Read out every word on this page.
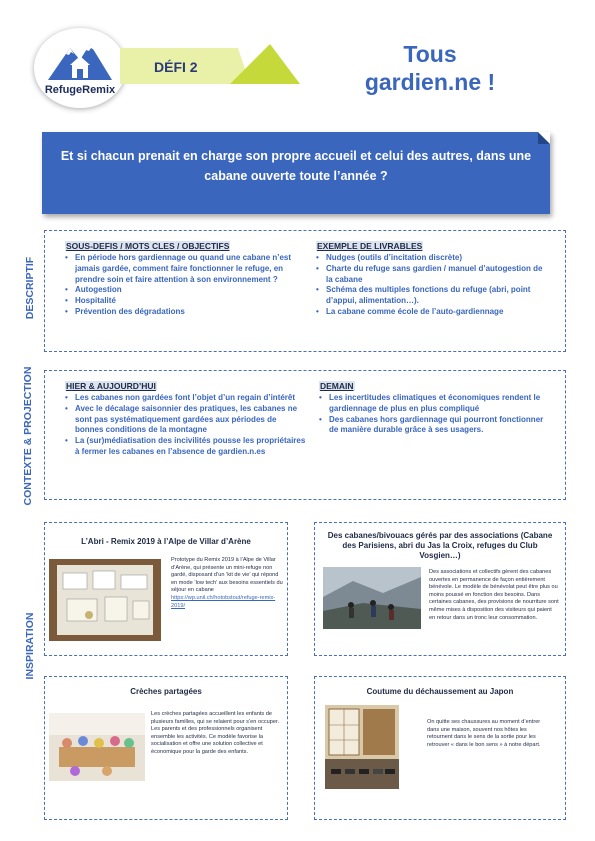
RefugeRemix
DÉFI 2	Tous
gardien.ne !
Et si chacun prenait en charge son propre accueil et celui des autres, dans une cabane ouverte toute l’année ?
DESCRIPTIF
CONTEXTE & PROJECTION
INSPIRATION
SOUS-DEFIS / MOTS CLES / OBJECTIFS
• En période hors gardiennage ou quand une cabane n’est jamais gardée, comment faire fonctionner le refuge, en prendre soin et faire attention à son environnement ?
• Autogestion
• Hospitalité
• Prévention des dégradations
EXEMPLE DE LIVRABLES
• Nudges (outils d’incitation discrète)
• Charte du refuge sans gardien / manuel d’autogestion de la cabane
• Schéma des multiples fonctions du refuge (abri, point d’appui, alimentation…).
• La cabane comme école de l’auto-gardiennage
HIER & AUJOURD’HUI
• Les cabanes non gardées font l’objet d’un regain d’intérêt
• Avec le décalage saisonnier des pratiques, les cabanes ne sont pas systématiquement gardées aux périodes de bonnes conditions de la montagne
• La (sur)médiatisation des incivilités pousse les propriétaires à fermer les cabanes en l’absence de gardien.n.es
DEMAIN
• Les incertitudes climatiques et économiques rendent le gardiennage de plus en plus compliqué
• Des cabanes hors gardiennage qui pourront fonctionner de manière durable grâce à ses usagers.
L’Abri - Remix 2019 à l’Alpe de Villar d’Arène
Prototype du Remix 2019 à l’Alpe de Villar d’Arène, qui présente un mini-refuge non gardé, disposant d’un ‘kit de vie’ qui répond en mode ‘low tech’ aux besoins essentiels du séjour en cabane
https://wp.unil.ch/hotobstout/refuge-remix-2019/
Des cabanes/bivouacs gérés par des associations (Cabane des Parisiens, abri du Jas la Croix, refuges du Club Vosgien…)
Des associations et collectifs gèrent des cabanes ouvertes en permanence de façon entièrement bénévole. Le modèle de bénévolat peut être plus ou moins poussé en fonction des besoins. Dans certaines cabanes, des provisions de nourriture sont même mises à disposition des visiteurs qui paient en retour dans un tronc leur consommation.
Crèches partagées
Les crèches partagées accueillent les enfants de plusieurs familles, qui se relaient pour s’en occuper. Les parents et des professionnels organisent ensemble les activités. Ce modèle favorise la socialisation et offre une solution collective et économique pour la garde des enfants.
Coutume du déchaussement au Japon
On quitte ses chaussures au moment d’entrer dans une maison, souvent nos hôtes les retournent dans le sens de la sortie pour les retrouver « dans le bon sens » à notre départ.
